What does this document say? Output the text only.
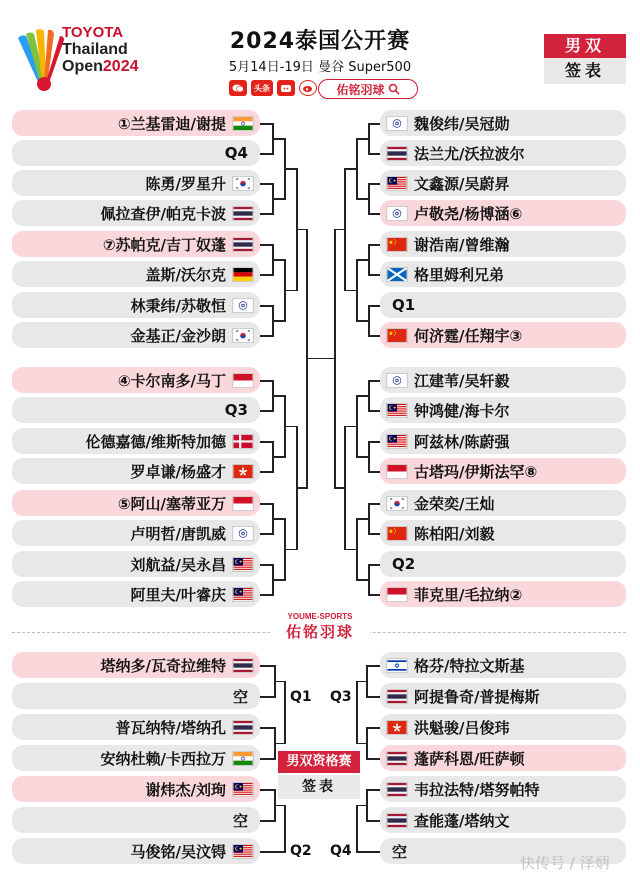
TOYOTA
Thailand
Open2024
2024泰国公开赛
5月14日-19日 曼谷 Super500
头条	佑铭羽球
男双
签表
①兰基雷迪/谢提
Q4
陈勇/罗星升
佩拉查伊/帕克卡波
⑦苏帕克/吉丁奴蓬
盖斯/沃尔克
林秉纬/苏敬恒
金基正/金沙朗
④卡尔南多/马丁
Q3
伦德嘉德/维斯特加德
罗卓谦/杨盛才
⑤阿山/塞蒂亚万
卢明哲/唐凯威
刘航益/吴永昌
阿里夫/叶睿庆
魏俊纬/吴冠勋
法兰尤/沃拉波尔
文鑫源/吴蔚昇
卢敬尧/杨博涵⑥
谢浩南/曾维瀚
格里姆利兄弟
Q1
何济霆/任翔宇③
江建苇/吴轩毅
钟鸿健/海卡尔
阿兹林/陈蔚强
古塔玛/伊斯法罕⑧
金荣奕/王灿
陈柏阳/刘毅
Q2
菲克里/毛拉纳②
塔纳多/瓦奇拉维特
空
普瓦纳特/塔纳孔
安纳杜赖/卡西拉万
谢炜杰/刘珣
空
马俊铭/吴汶锝
格芬/特拉文斯基
阿提鲁奇/普提梅斯
洪魁骏/吕俊玮
蓬萨科恩/旺萨顿
韦拉法特/塔努帕特
查能蓬/塔纳文
空
YOUME-SPORTS
佑铭羽球
Q1 Q3
Q2 Q4
男双资格赛
签表
快传号 / 泽炳
